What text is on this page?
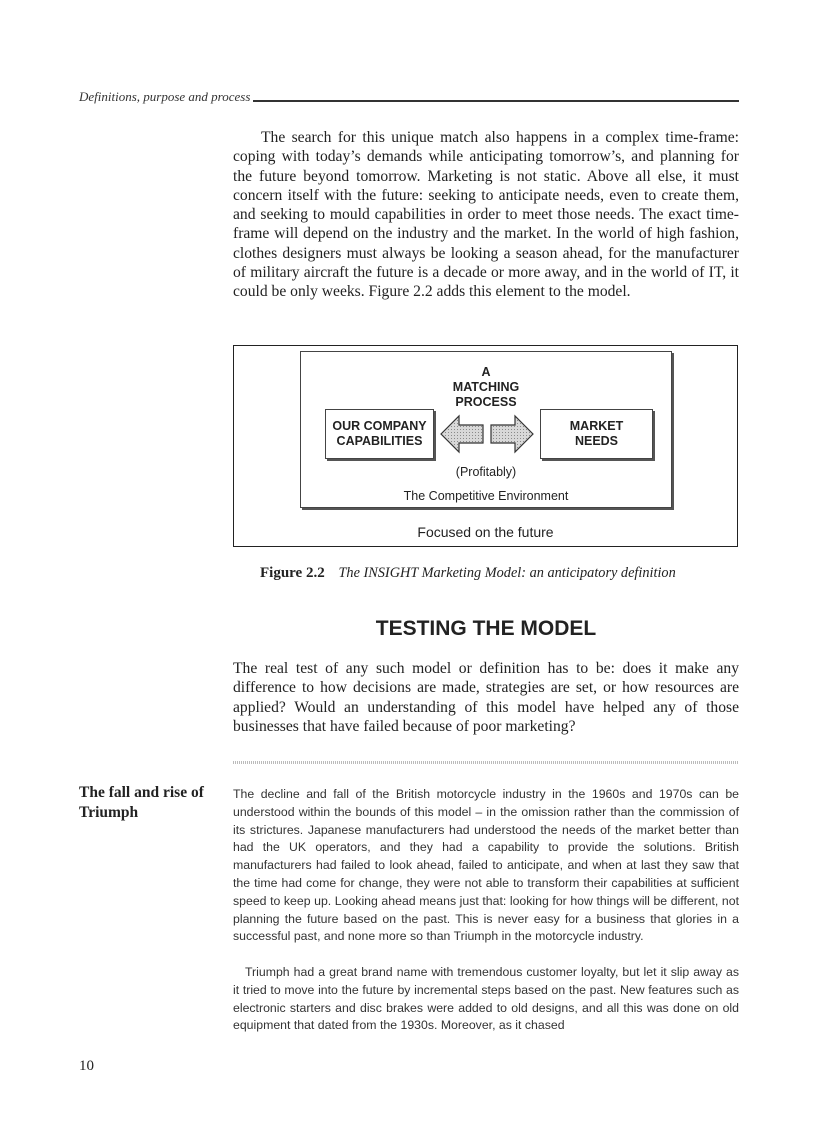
Definitions, purpose and process

The search for this unique match also happens in a complex time-frame: coping with today’s demands while anticipating tomorrow’s, and planning for the future beyond tomorrow. Marketing is not static. Above all else, it must concern itself with the future: seeking to anticipate needs, even to create them, and seeking to mould capabilities in order to meet those needs. The exact time-frame will depend on the industry and the market. In the world of high fashion, clothes designers must always be looking a season ahead, for the manufacturer of military aircraft the future is a decade or more away, and in the world of IT, it could be only weeks. Figure 2.2 adds this element to the model.

A
MATCHING
PROCESS
OUR COMPANY
CAPABILITIES
MARKET
NEEDS
(Profitably)
The Competitive Environment
Focused on the future
Figure 2.2 The INSIGHT Marketing Model: an anticipatory definition
TESTING THE MODEL

The real test of any such model or definition has to be: does it make any difference to how decisions are made, strategies are set, or how resources are applied? Would an understanding of this model have helped any of those businesses that have failed because of poor marketing?

The fall and rise of Triumph

The decline and fall of the British motorcycle industry in the 1960s and 1970s can be understood within the bounds of this model – in the omission rather than the commission of its strictures. Japanese manufacturers had understood the needs of the market better than had the UK operators, and they had a capability to provide the solutions. British manufacturers had failed to look ahead, failed to anticipate, and when at last they saw that the time had come for change, they were not able to transform their capabilities at sufficient speed to keep up. Looking ahead means just that: looking for how things will be different, not planning the future based on the past. This is never easy for a business that glories in a successful past, and none more so than Triumph in the motorcycle industry.

Triumph had a great brand name with tremendous customer loyalty, but let it slip away as it tried to move into the future by incremental steps based on the past. New features such as electronic starters and disc brakes were added to old designs, and all this was done on old equipment that dated from the 1930s. Moreover, as it chased

10
